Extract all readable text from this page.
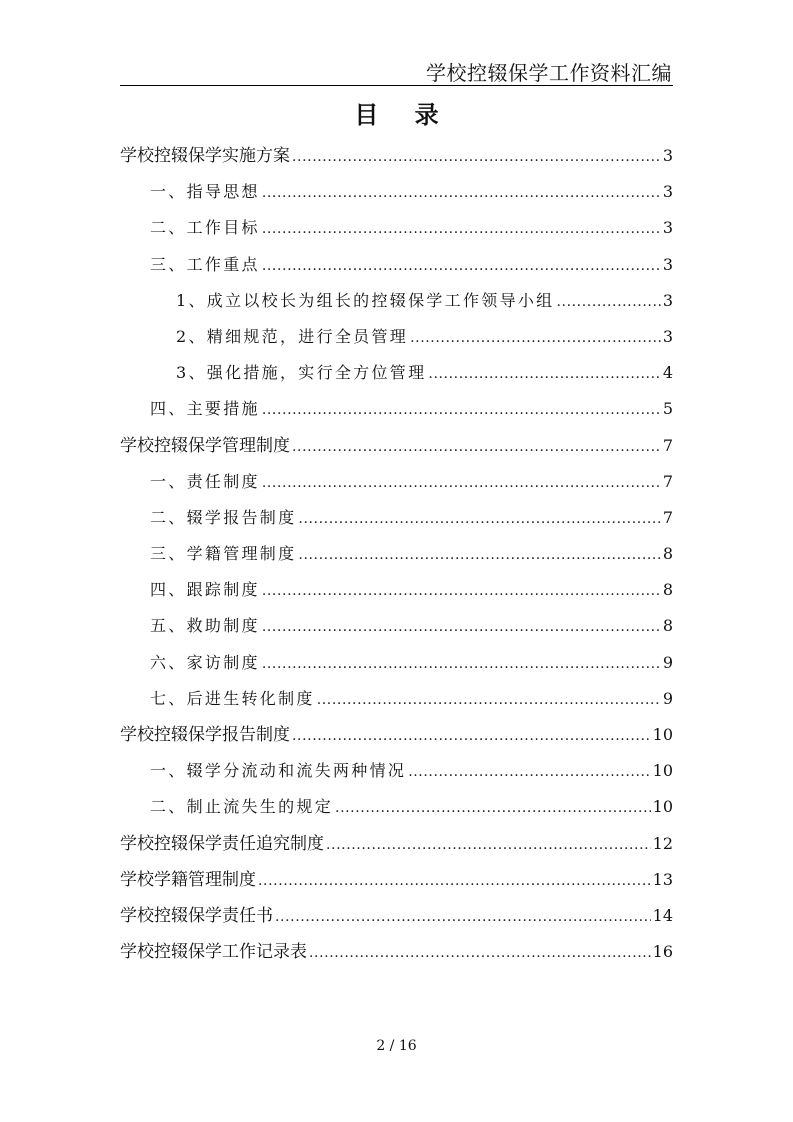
学校控辍保学工作资料汇编
目 录
学校控辍保学实施方案 .....	3
一、指导思想 .....	3
二、工作目标 .....	3
三、工作重点 .....	3
1、成立以校长为组长的控辍保学工作领导小组 .....	3
2、精细规范，进行全员管理 .....	3
3、强化措施，实行全方位管理 .....	4
四、主要措施 .....	5
学校控辍保学管理制度 .....	7
一、责任制度 .....	7
二、辍学报告制度 .....	7
三、学籍管理制度 .....	8
四、跟踪制度 .....	8
五、救助制度 .....	8
六、家访制度 .....	9
七、后进生转化制度 .....	9
学校控辍保学报告制度 .....	10
一、辍学分流动和流失两种情况 .....	10
二、制止流失生的规定 .....	10
学校控辍保学责任追究制度 .....	12
学校学籍管理制度 .....	13
学校控辍保学责任书 .....	14
学校控辍保学工作记录表 .....	16
2 / 16
